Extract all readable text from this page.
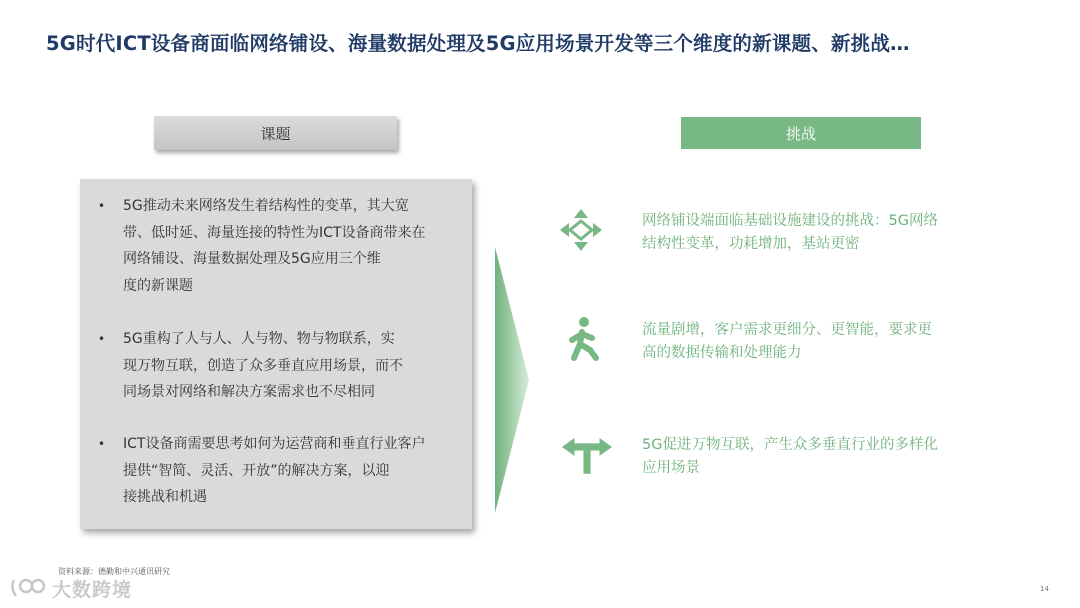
5G时代ICT设备商面临网络铺设、海量数据处理及5G应用场景开发等三个维度的新课题、新挑战…
课题	挑战
•	5G推动未来网络发生着结构性的变革，其大宽
带、低时延、海量连接的特性为ICT设备商带来在
网络铺设、海量数据处理及5G应用三个维
度的新课题
•	5G重构了人与人、人与物、物与物联系，实
现万物互联，创造了众多垂直应用场景，而不
同场景对网络和解决方案需求也不尽相同
•	ICT设备商需要思考如何为运营商和垂直行业客户
提供“智简、灵活、开放”的解决方案，以迎
接挑战和机遇
网络铺设端面临基础设施建设的挑战：5G网络
结构性变革，功耗增加，基站更密
流量剧增，客户需求更细分、更智能，要求更
高的数据传输和处理能力
5G促进万物互联，产生众多垂直行业的多样化
应用场景
资料来源：德勤和中兴通讯研究
大数跨境	14
